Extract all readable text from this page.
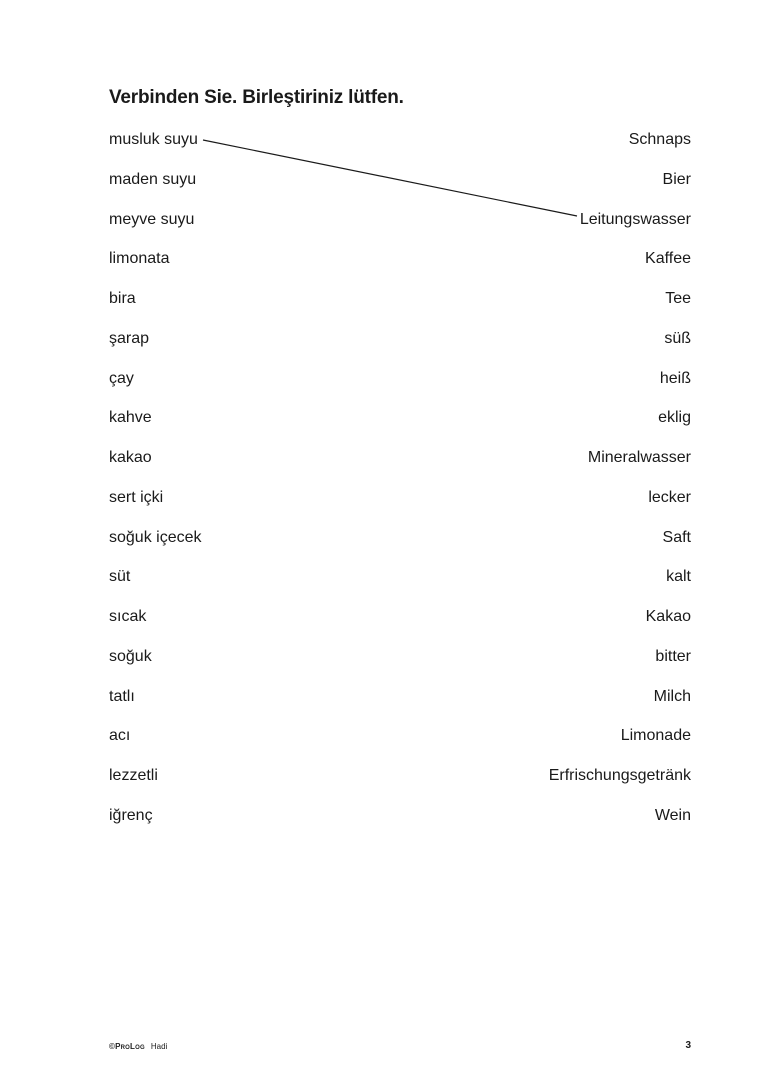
Verbinden Sie. Birleştiriniz lütfen.
musluk suyu
maden suyu
meyve suyu
limonata
bira
şarap
çay
kahve
kakao
sert içki
soğuk içecek
süt
sıcak
soğuk
tatlı
acı
lezzetli
iğrenç
Schnaps
Bier
Leitungswasser
Kaffee
Tee
süß
heiß
eklig
Mineralwasser
lecker
Saft
kalt
Kakao
bitter
Milch
Limonade
Erfrischungsgetränk
Wein
©ProLog Hadi	3
